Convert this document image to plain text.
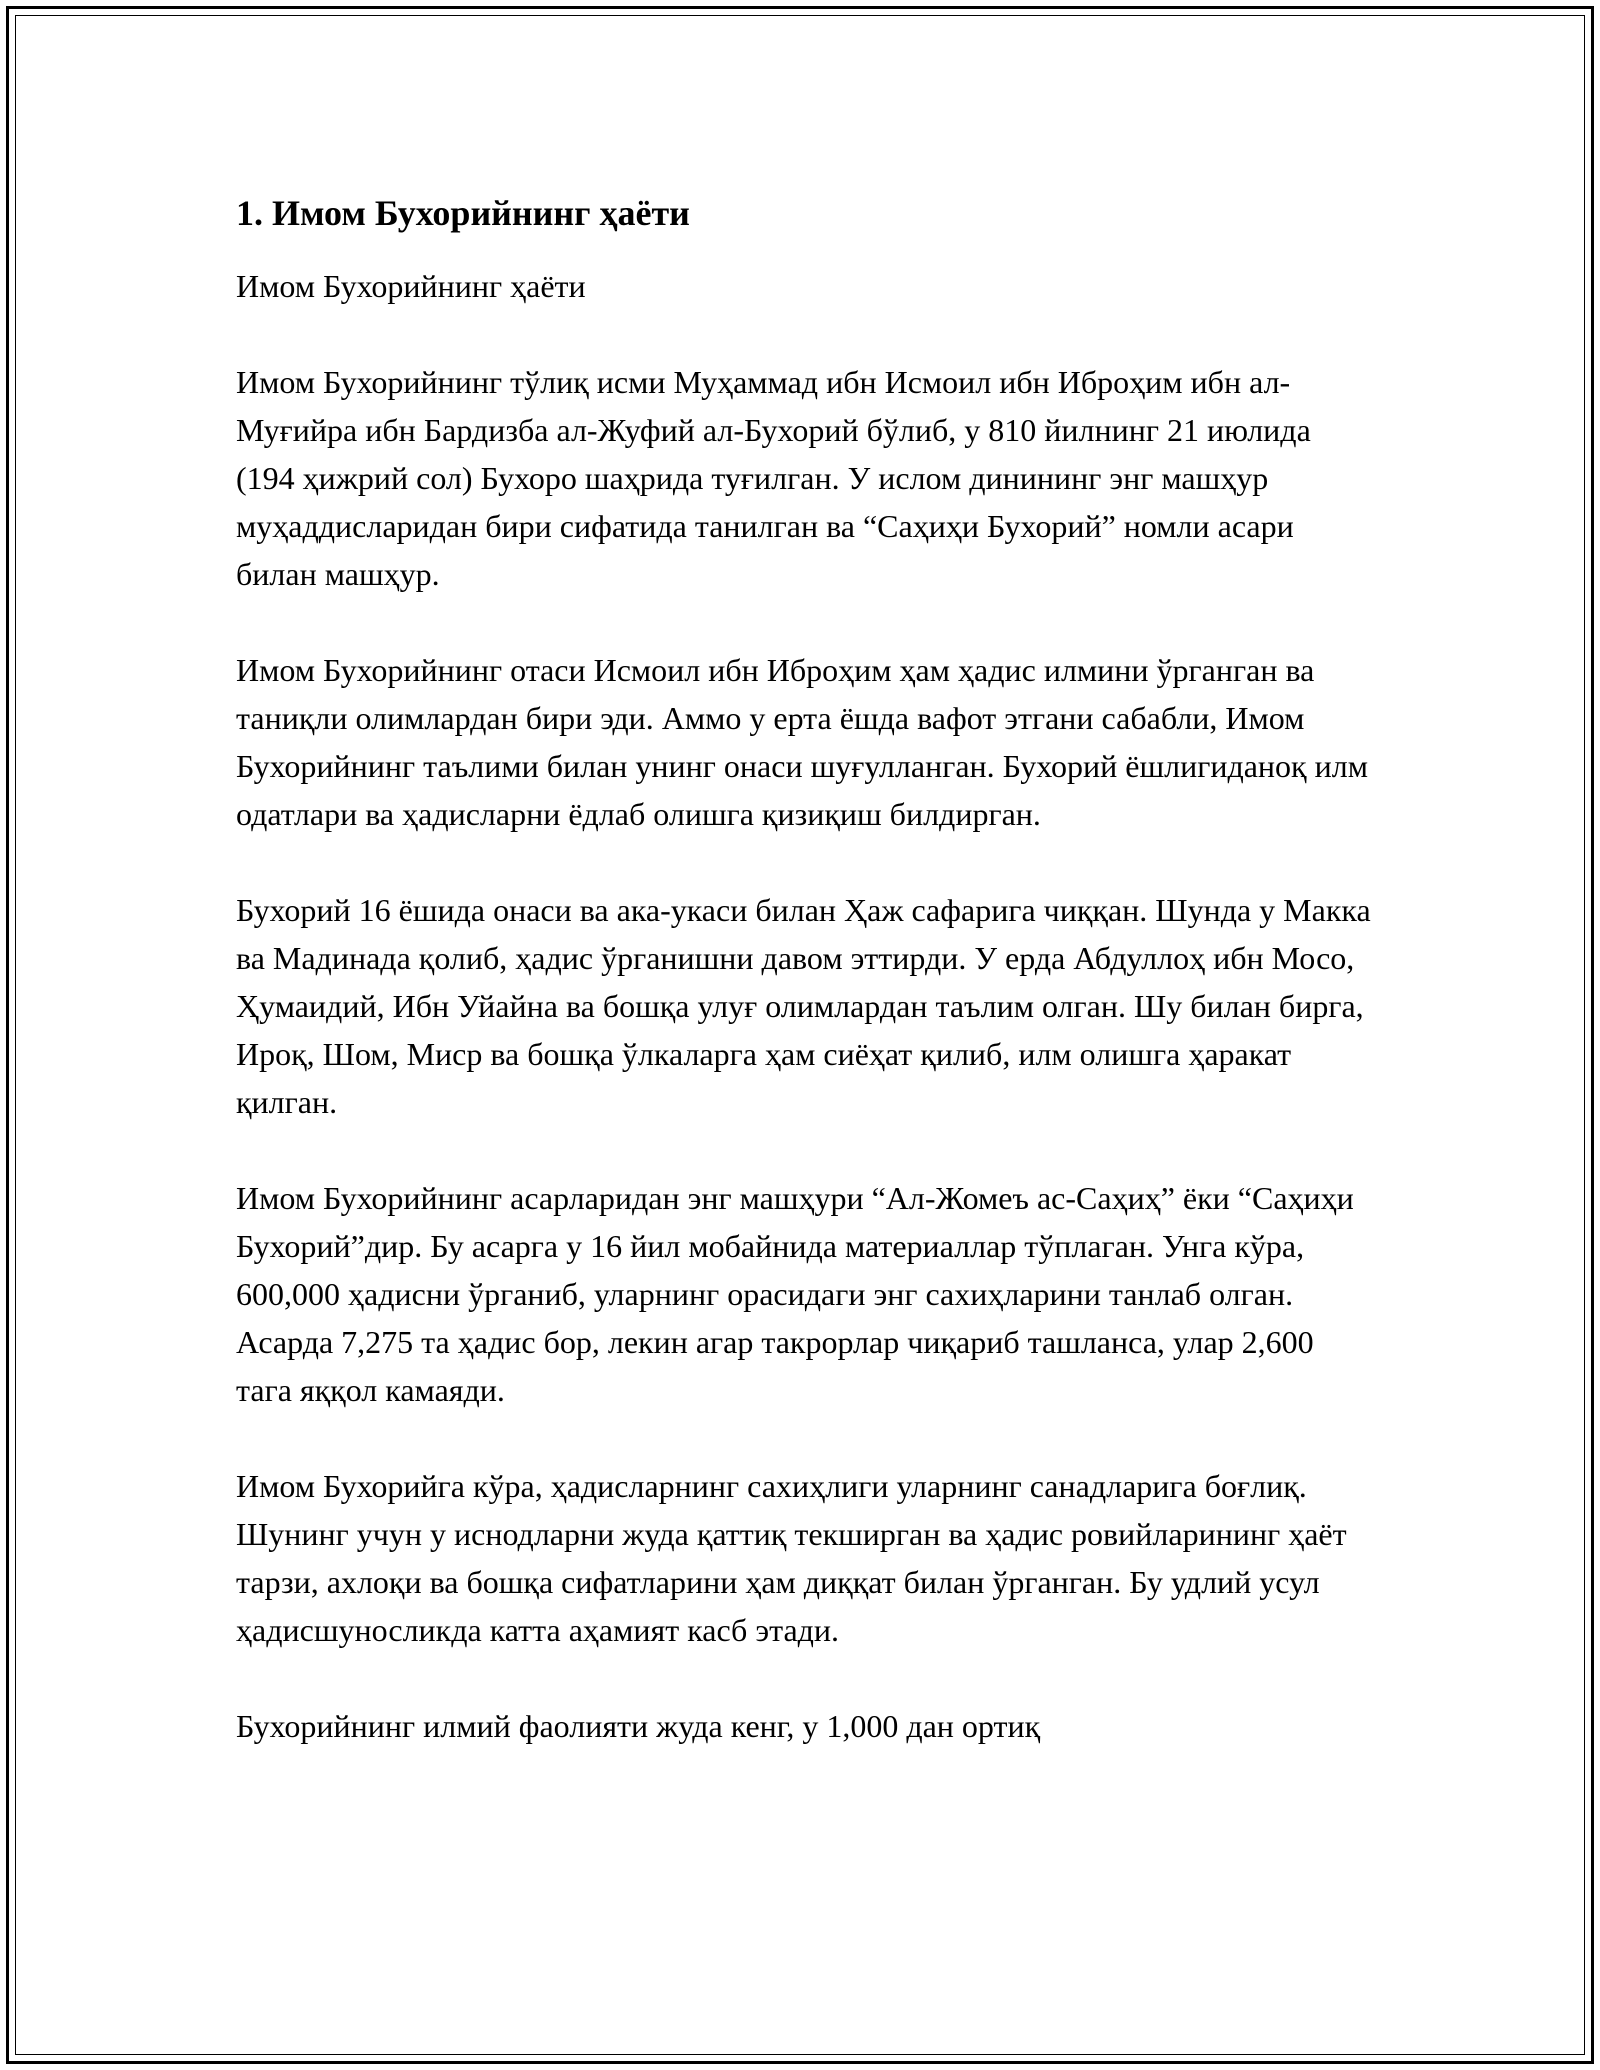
1. Имом Бухорийнинг ҳаёти

Имом Бухорийнинг ҳаёти

Имом Бухорийнинг тўлиқ исми Муҳаммад ибн Исмоил ибн Иброҳим ибн ал-Муғийра ибн Бардизба ал-Жуфий ал-Бухорий бўлиб, у 810 йилнинг 21 июлида (194 ҳижрий сол) Бухоро шаҳрида туғилган. У ислом динининг энг машҳур муҳаддисларидан бири сифатида танилган ва “Саҳиҳи Бухорий” номли асари билан машҳур.

Имом Бухорийнинг отаси Исмоил ибн Иброҳим ҳам ҳадис илмини ўрганган ва таниқли олимлардан бири эди. Аммо у ерта ёшда вафот этгани сабабли, Имом Бухорийнинг таълими билан унинг онаси шуғулланган. Бухорий ёшлигиданоқ илм одатлари ва ҳадисларни ёдлаб олишга қизиқиш билдирган.

Бухорий 16 ёшида онаси ва ака-укаси билан Ҳаж сафарига чиққан. Шунда у Макка ва Мадинада қолиб, ҳадис ўрганишни давом эттирди. У ерда Абдуллоҳ ибн Мосо, Ҳумаидий, Ибн Уйайна ва бошқа улуғ олимлардан таълим олган. Шу билан бирга, Ироқ, Шом, Миср ва бошқа ўлкаларга ҳам сиёҳат қилиб, илм олишга ҳаракат қилган.

Имом Бухорийнинг асарларидан энг машҳури “Ал-Жомеъ ас-Саҳиҳ” ёки “Саҳиҳи Бухорий”дир. Бу асарга у 16 йил мобайнида материаллар тўплаган. Унга кўра, 600,000 ҳадисни ўрганиб, уларнинг орасидаги энг сахиҳларини танлаб олган. Асарда 7,275 та ҳадис бор, лекин агар такрорлар чиқариб ташланса, улар 2,600 тага яққол камаяди.

Имом Бухорийга кўра, ҳадисларнинг сахиҳлиги уларнинг санадларига боғлиқ. Шунинг учун у иснодларни жуда қаттиқ текширган ва ҳадис ровийларининг ҳаёт тарзи, ахлоқи ва бошқа сифатларини ҳам диққат билан ўрганган. Бу удлий усул ҳадисшуносликда катта аҳамият касб этади.

Бухорийнинг илмий фаолияти жуда кенг, у 1,000 дан ортиқ
